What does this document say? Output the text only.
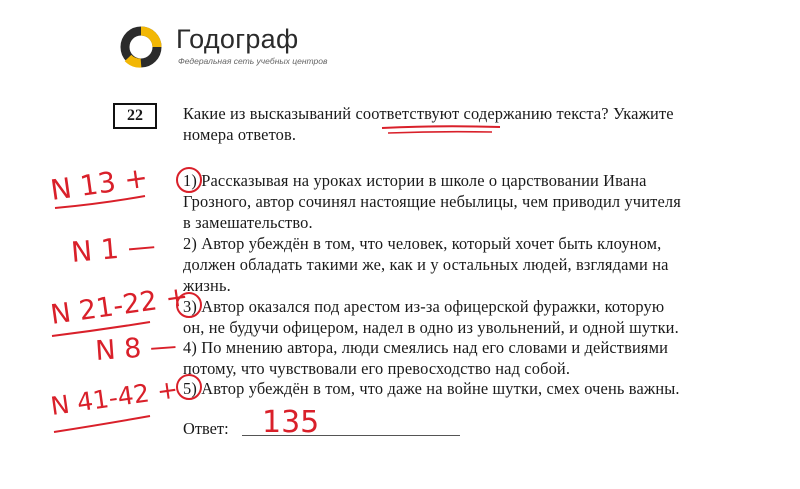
Годограф
Федеральная сеть учебных центров
22	Какие из высказываний соответствуют содержанию текста? Укажите
номера ответов.
1) Рассказывая на уроках истории в школе о царствовании Ивана
Грозного, автор сочинял настоящие небылицы, чем приводил учителя
в замешательство.
2) Автор убеждён в том, что человек, который хочет быть клоуном,
должен обладать такими же, как и у остальных людей, взглядами на
жизнь.
3) Автор оказался под арестом из-за офицерской фуражки, которую
он, не будучи офицером, надел в одно из увольнений, и одной шутки.
4) По мнению автора, люди смеялись над его словами и действиями
потому, что чувствовали его превосходство над собой.
5) Автор убеждён в том, что даже на войне шутки, смех очень важны.
Ответ:
N 13 +
N 1 —
N 21-22 +
N 8 —
N 41-42 +
135
